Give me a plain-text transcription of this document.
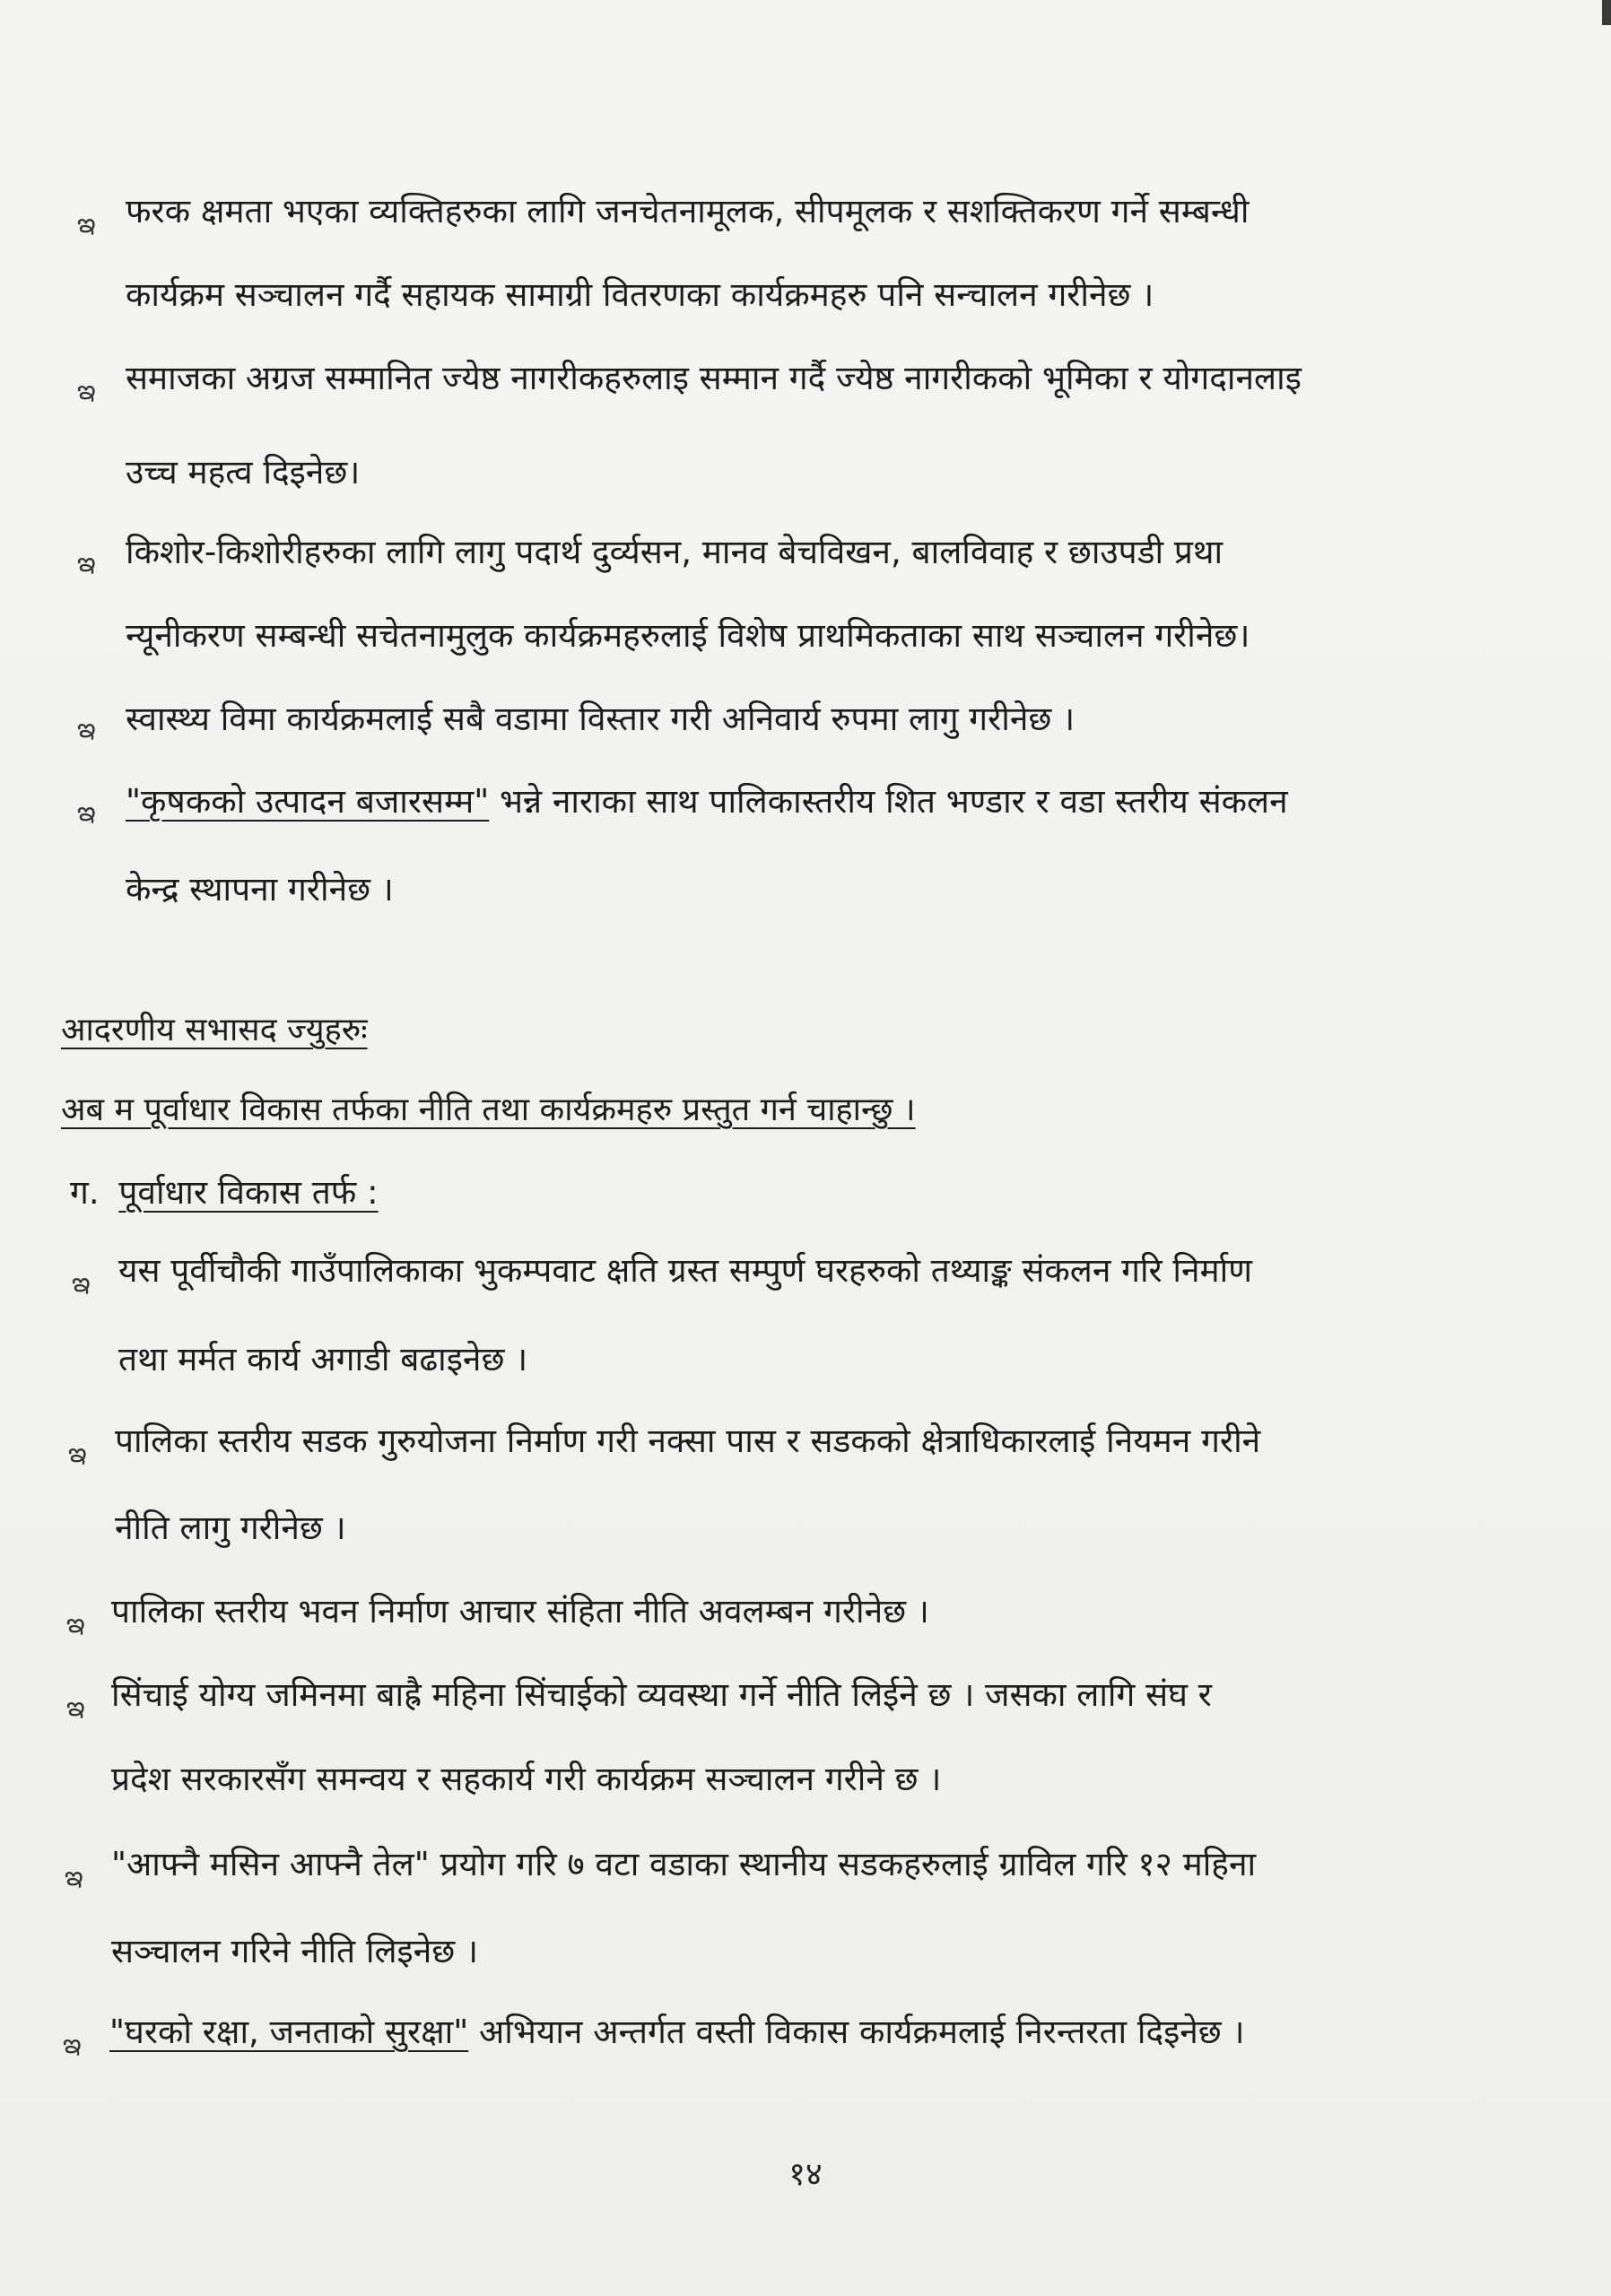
ఇ फरक क्षमता भएका व्यक्तिहरुका लागि जनचेतनामूलक, सीपमूलक र सशक्तिकरण गर्ने सम्बन्धी
कार्यक्रम सञ्चालन गर्दै सहायक सामाग्री वितरणका कार्यक्रमहरु पनि सन्चालन गरीनेछ ।
ఇ समाजका अग्रज सम्मानित ज्येष्ठ नागरीकहरुलाइ सम्मान गर्दै ज्येष्ठ नागरीकको भूमिका र योगदानलाइ
उच्च महत्व दिइनेछ।
ఇ किशोर-किशोरीहरुका लागि लागु पदार्थ दुर्व्यसन, मानव बेचविखन, बालविवाह र छाउपडी प्रथा
न्यूनीकरण सम्बन्धी सचेतनामुलुक कार्यक्रमहरुलाई विशेष प्राथमिकताका साथ सञ्चालन गरीनेछ।
ఇ स्वास्थ्य विमा कार्यक्रमलाई सबै वडामा विस्तार गरी अनिवार्य रुपमा लागु गरीनेछ ।
ఇ "कृषकको उत्पादन बजारसम्म" भन्ने नाराका साथ पालिकास्तरीय शित भण्डार र वडा स्तरीय संकलन
केन्द्र स्थापना गरीनेछ ।
आदरणीय सभासद ज्युहरुः
अब म पूर्वाधार विकास तर्फका नीति तथा कार्यक्रमहरु प्रस्तुत गर्न चाहान्छु ।
ग. पूर्वाधार विकास तर्फ :
ఇ यस पूर्वीचौकी गाउँपालिकाका भुकम्पवाट क्षति ग्रस्त सम्पुर्ण घरहरुको तथ्याङ्क संकलन गरि निर्माण
तथा मर्मत कार्य अगाडी बढाइनेछ ।
ఇ पालिका स्तरीय सडक गुरुयोजना निर्माण गरी नक्सा पास र सडकको क्षेत्राधिकारलाई नियमन गरीने
नीति लागु गरीनेछ ।
ఇ पालिका स्तरीय भवन निर्माण आचार संहिता नीति अवलम्बन गरीनेछ ।
ఇ सिंचाई योग्य जमिनमा बाह्रै महिना सिंचाईको व्यवस्था गर्ने नीति लिईने छ । जसका लागि संघ र
प्रदेश सरकारसँग समन्वय र सहकार्य गरी कार्यक्रम सञ्चालन गरीने छ ।
ఇ "आफ्नै मसिन आफ्नै तेल" प्रयोग गरि ७ वटा वडाका स्थानीय सडकहरुलाई ग्राविल गरि १२ महिना
सञ्चालन गरिने नीति लिइनेछ ।
ఇ "घरको रक्षा, जनताको सुरक्षा" अभियान अन्तर्गत वस्ती विकास कार्यक्रमलाई निरन्तरता दिइनेछ ।
१४
